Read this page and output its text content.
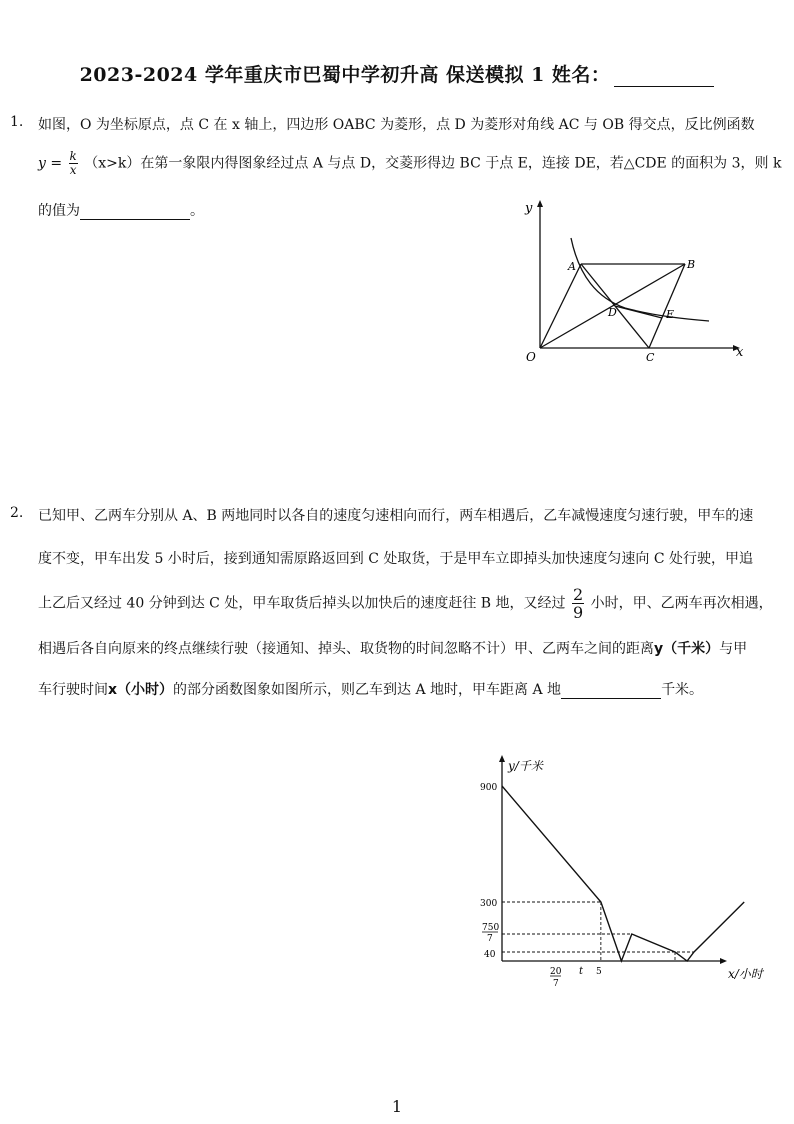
2023-2024 学年重庆市巴蜀中学初升高 保送模拟 1 姓名：
1. 如图，O 为坐标原点，点 C 在 x 轴上，四边形 OABC 为菱形，点 D 为菱形对角线 AC 与 OB 得交点，反比例函数
$y = \frac{k}{x} (x>k)$在第一象限内得图象经过点 A 与点 D，交菱形得边 BC 于点 E，连接 DE，若△CDE 的面积为 3，则 k
的值为	。	y
x
O
A	B
C
D	E
2. 已知甲、乙两车分别从 A、B 两地同时以各自的速度匀速相向而行，两车相遇后，乙车减慢速度匀速行驶，甲车的速
度不变，甲车出发 5 小时后，接到通知需原路返回到 C 处取货，于是甲车立即掉头加快速度匀速向 C 处行驶，甲追
上乙后又经过 40 分钟到达 C 处，甲车取货后掉头以加快后的速度赶往 B 地，又经过 $\frac{2}{9}$ 小时，甲、乙两车再次相遇，
相遇后各自向原来的终点继续行驶（接通知、掉头、取货物的时间忽略不计）甲、乙两车之间的距离y（千米）与甲
车行驶时间x（小时）的部分函数图象如图所示，则乙车到达 A 地时，甲车距离 A 地	千米。
y/千米
x/小时
900
300
750
7
40
20
7
t 5
1
